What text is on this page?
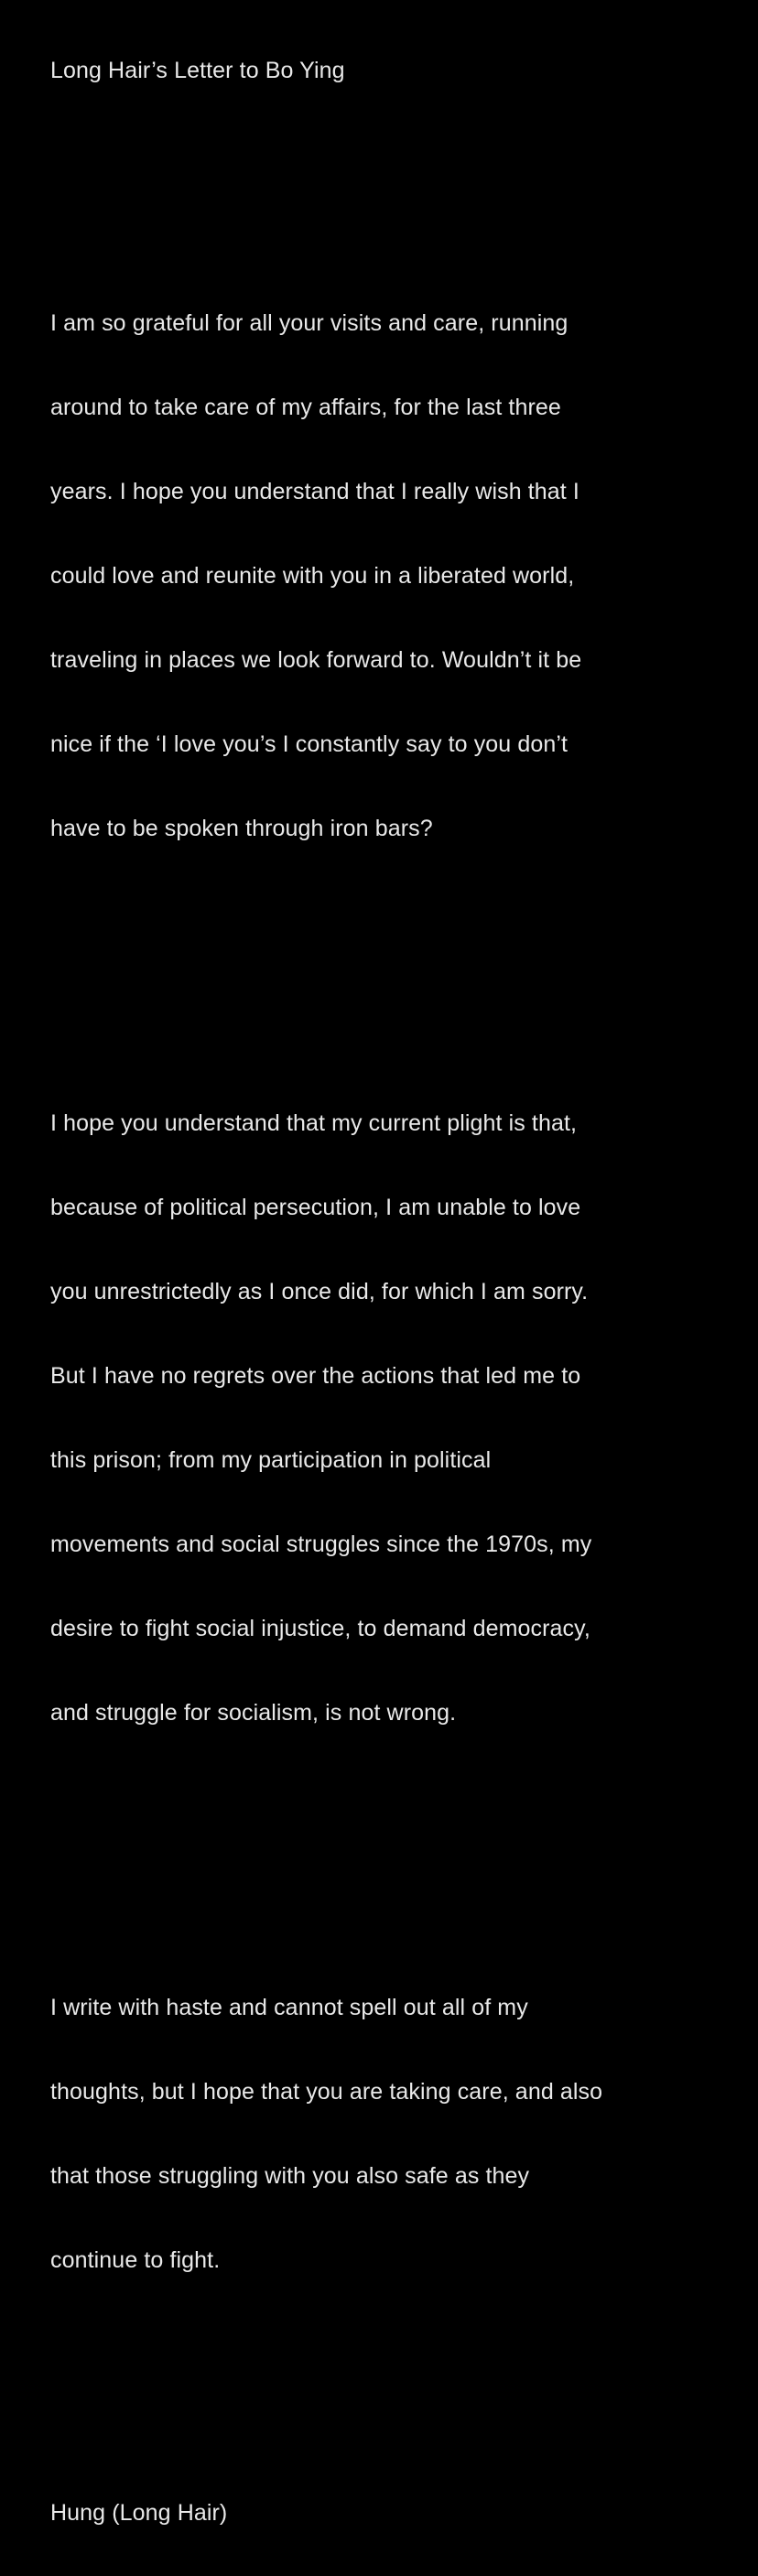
Long Hair’s Letter to Bo Ying

I am so grateful for all your visits and care, running

around to take care of my affairs, for the last three

years. I hope you understand that I really wish that I

could love and reunite with you in a liberated world,

traveling in places we look forward to. Wouldn’t it be

nice if the ‘I love you’s I constantly say to you don’t

have to be spoken through iron bars?

I hope you understand that my current plight is that,

because of political persecution, I am unable to love

you unrestrictedly as I once did, for which I am sorry.

But I have no regrets over the actions that led me to

this prison; from my participation in political

movements and social struggles since the 1970s, my

desire to fight social injustice, to demand democracy,

and struggle for socialism, is not wrong.

I write with haste and cannot spell out all of my

thoughts, but I hope that you are taking care, and also

that those struggling with you also safe as they

continue to fight.

Hung (Long Hair)
